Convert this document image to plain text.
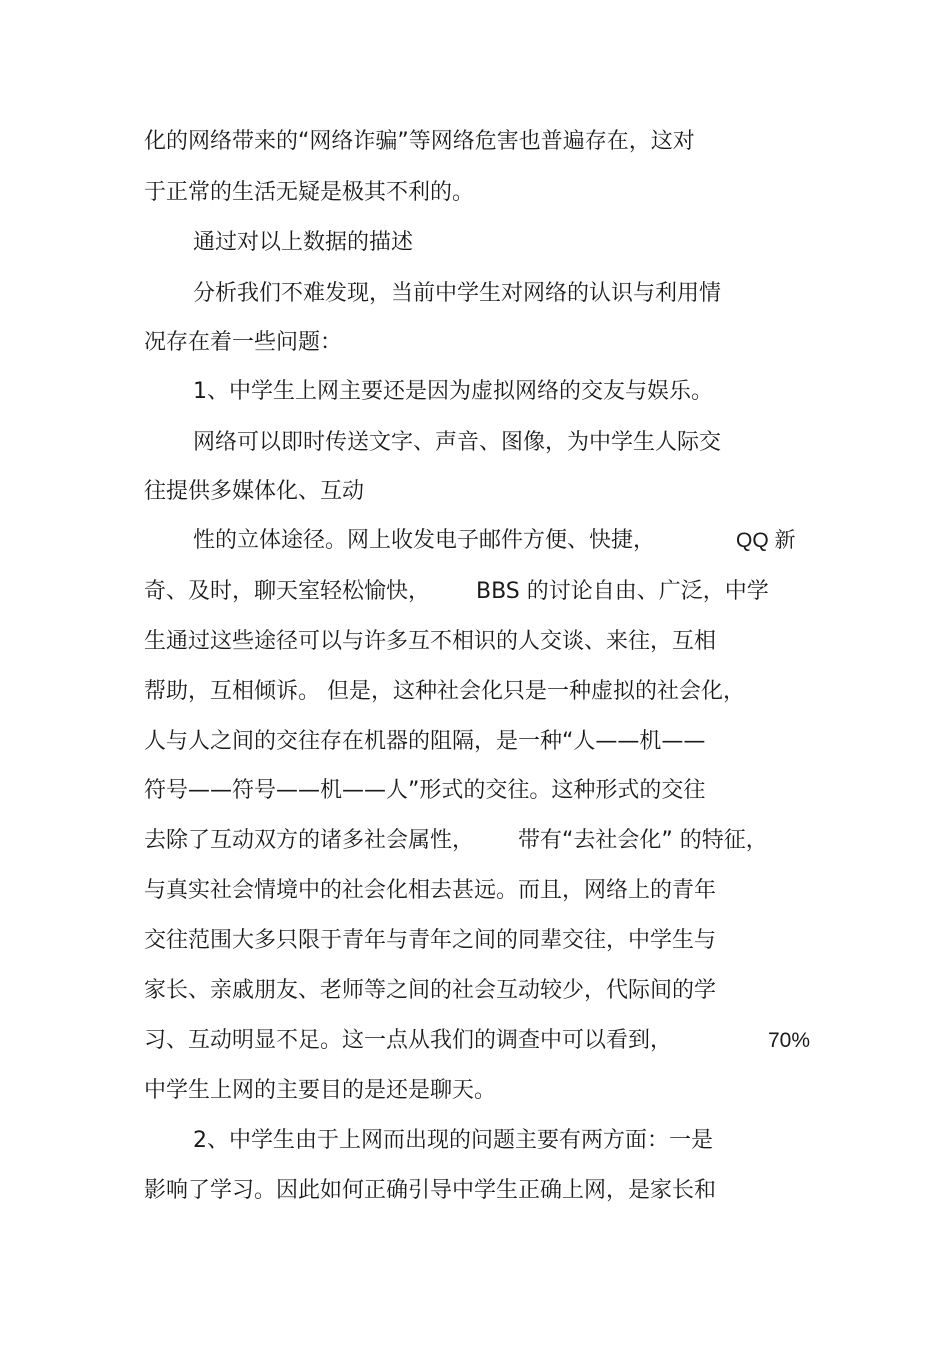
化的网络带来的“网络诈骗”等网络危害也普遍存在，这对
于正常的生活无疑是极其不利的。
通过对以上数据的描述
分析我们不难发现，当前中学生对网络的认识与利用情
况存在着一些问题：
1、中学生上网主要还是因为虚拟网络的交友与娱乐。
网络可以即时传送文字、声音、图像，为中学生人际交
往提供多媒体化、互动
性的立体途径。网上收发电子邮件方便、快捷，	QQ 新
奇、及时，聊天室轻松愉快， BBS 的讨论自由、广泛，中学
生通过这些途径可以与许多互不相识的人交谈、来往，互相
帮助，互相倾诉。 但是，这种社会化只是一种虚拟的社会化，
人与人之间的交往存在机器的阻隔，是一种“人——机——
符号——符号——机——人”形式的交往。这种形式的交往
去除了互动双方的诸多社会属性， 带有“去社会化” 的特征，
与真实社会情境中的社会化相去甚远。而且，网络上的青年
交往范围大多只限于青年与青年之间的同辈交往，中学生与
家长、亲戚朋友、老师等之间的社会互动较少，代际间的学
习、互动明显不足。这一点从我们的调查中可以看到，	70%
中学生上网的主要目的是还是聊天。
2、中学生由于上网而出现的问题主要有两方面：一是
影响了学习。因此如何正确引导中学生正确上网，是家长和
